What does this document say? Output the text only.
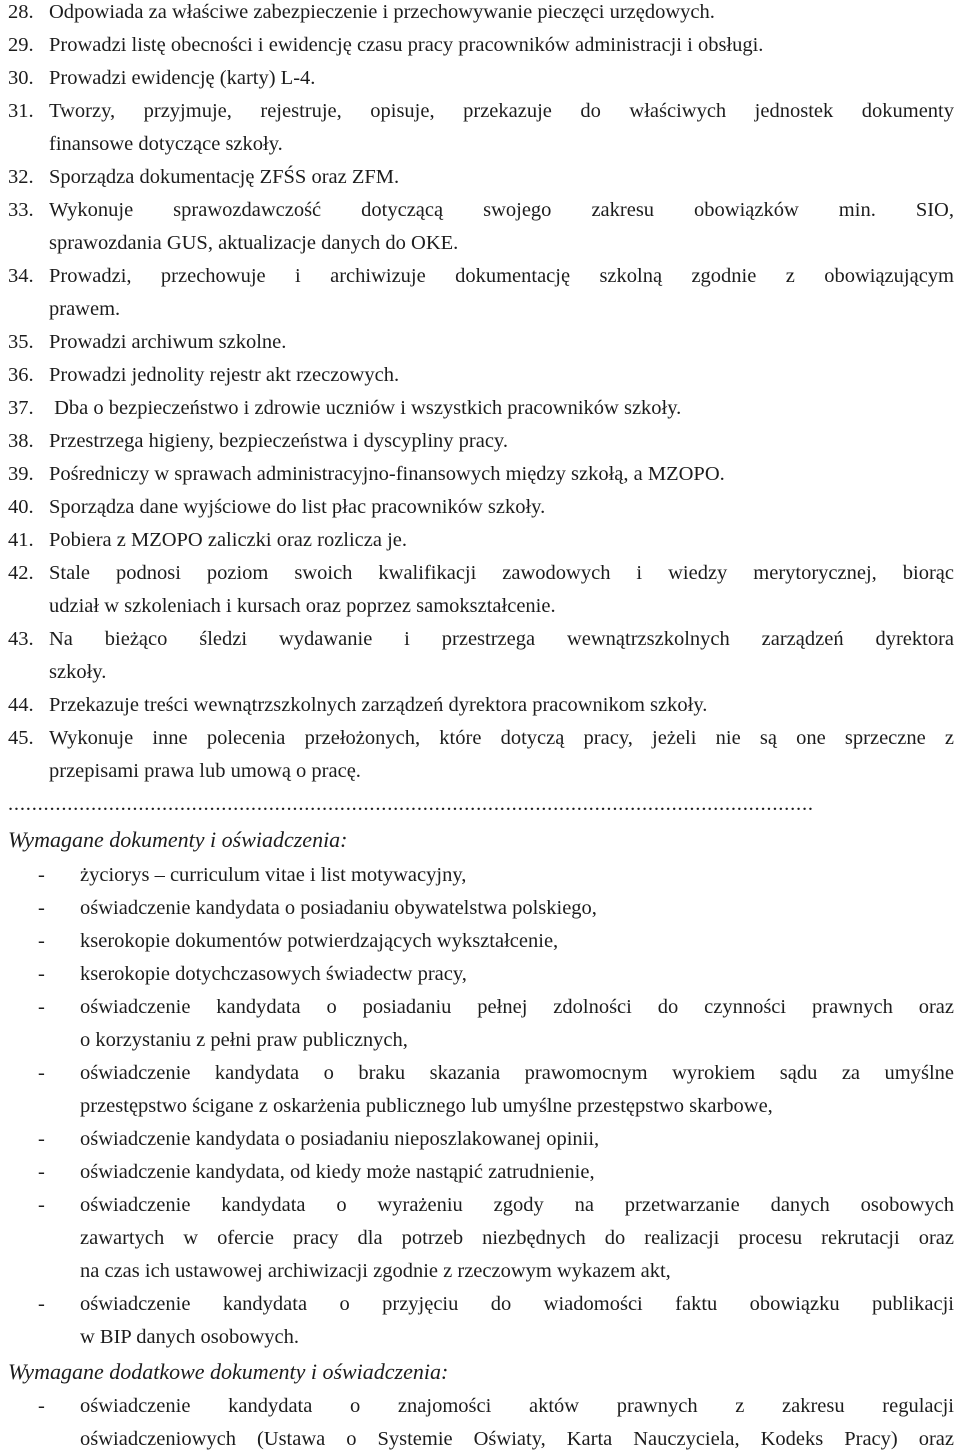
28. Odpowiada za właściwe zabezpieczenie i przechowywanie pieczęci urzędowych.
29. Prowadzi listę obecności i ewidencję czasu pracy pracowników administracji i obsługi.
30. Prowadzi ewidencję (karty) L-4.
31. Tworzy, przyjmuje, rejestruje, opisuje, przekazuje do właściwych jednostek dokumenty
finansowe dotyczące szkoły.
32. Sporządza dokumentację ZFŚS oraz ZFM.
33. Wykonuje sprawozdawczość dotyczącą swojego zakresu obowiązków min. SIO,
sprawozdania GUS, aktualizacje danych do OKE.
34. Prowadzi, przechowuje i archiwizuje dokumentację szkolną zgodnie z obowiązującym
prawem.
35. Prowadzi archiwum szkolne.
36. Prowadzi jednolity rejestr akt rzeczowych.
37. Dba o bezpieczeństwo i zdrowie uczniów i wszystkich pracowników szkoły.
38. Przestrzega higieny, bezpieczeństwa i dyscypliny pracy.
39. Pośredniczy w sprawach administracyjno-finansowych między szkołą, a MZOPO.
40. Sporządza dane wyjściowe do list płac pracowników szkoły.
41. Pobiera z MZOPO zaliczki oraz rozlicza je.
42. Stale podnosi poziom swoich kwalifikacji zawodowych i wiedzy merytorycznej, biorąc
udział w szkoleniach i kursach oraz poprzez samokształcenie.
43. Na bieżąco śledzi wydawanie i przestrzega wewnątrzszkolnych zarządzeń dyrektora
szkoły.
44. Przekazuje treści wewnątrzszkolnych zarządzeń dyrektora pracownikom szkoły.
45. Wykonuje inne polecenia przełożonych, które dotyczą pracy, jeżeli nie są one sprzeczne z
przepisami prawa lub umową o pracę.
........................................................................................................................................
Wymagane dokumenty i oświadczenia:
- życiorys – curriculum vitae i list motywacyjny,
- oświadczenie kandydata o posiadaniu obywatelstwa polskiego,
- kserokopie dokumentów potwierdzających wykształcenie,
- kserokopie dotychczasowych świadectw pracy,
- oświadczenie kandydata o posiadaniu pełnej zdolności do czynności prawnych oraz
o korzystaniu z pełni praw publicznych,
- oświadczenie kandydata o braku skazania prawomocnym wyrokiem sądu za umyślne
przestępstwo ścigane z oskarżenia publicznego lub umyślne przestępstwo skarbowe,
- oświadczenie kandydata o posiadaniu nieposzlakowanej opinii,
- oświadczenie kandydata, od kiedy może nastąpić zatrudnienie,
- oświadczenie kandydata o wyrażeniu zgody na przetwarzanie danych osobowych
zawartych w ofercie pracy dla potrzeb niezbędnych do realizacji procesu rekrutacji oraz
na czas ich ustawowej archiwizacji zgodnie z rzeczowym wykazem akt,
- oświadczenie kandydata o przyjęciu do wiadomości faktu obowiązku publikacji
w BIP danych osobowych.
Wymagane dodatkowe dokumenty i oświadczenia:
- oświadczenie kandydata o znajomości aktów prawnych z zakresu regulacji
oświadczeniowych (Ustawa o Systemie Oświaty, Karta Nauczyciela, Kodeks Pracy) oraz
